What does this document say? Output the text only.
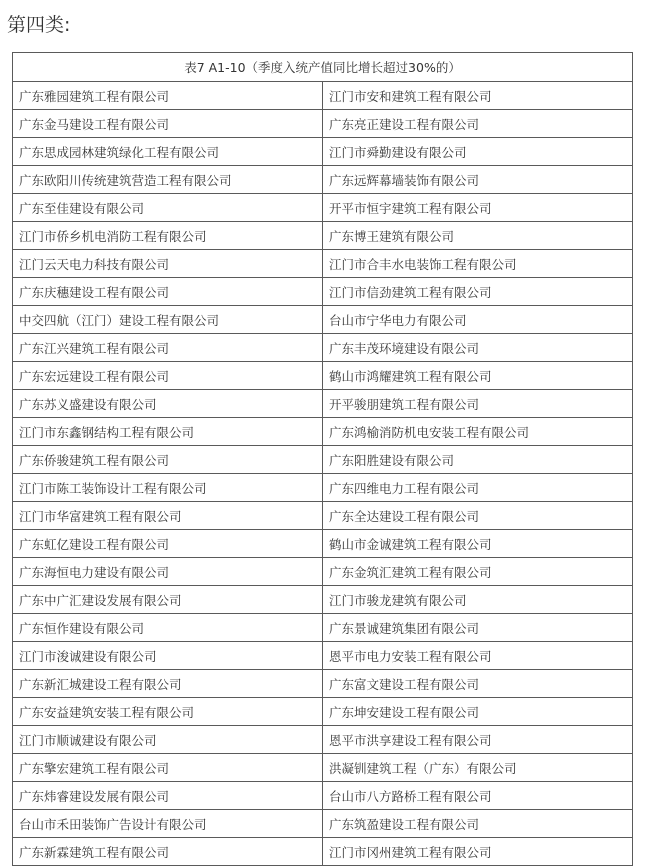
第四类:
表7 A1-10（季度入统产值同比增长超过30%的）	
广东雅园建筑工程有限公司	江门市安和建筑工程有限公司
广东金马建设工程有限公司	广东亮正建设工程有限公司
广东思成园林建筑绿化工程有限公司	江门市舜勤建设有限公司
广东欧阳川传统建筑营造工程有限公司	广东远辉幕墙装饰有限公司
广东至佳建设有限公司	开平市恒宇建筑工程有限公司
江门市侨乡机电消防工程有限公司	广东博王建筑有限公司
江门云天电力科技有限公司	江门市合丰水电装饰工程有限公司
广东庆穗建设工程有限公司	江门市信劲建筑工程有限公司
中交四航（江门）建设工程有限公司	台山市宁华电力有限公司
广东江兴建筑工程有限公司	广东丰茂环境建设有限公司
广东宏远建设工程有限公司	鹤山市鸿耀建筑工程有限公司
广东苏义盛建设有限公司	开平骏朋建筑工程有限公司
江门市东鑫钢结构工程有限公司	广东鸿榆消防机电安装工程有限公司
广东侨骏建筑工程有限公司	广东阳胜建设有限公司
江门市陈工装饰设计工程有限公司	广东四维电力工程有限公司
江门市华富建筑工程有限公司	广东全达建设工程有限公司
广东虹亿建设工程有限公司	鹤山市金诚建筑工程有限公司
广东海恒电力建设有限公司	广东金筑汇建筑工程有限公司
广东中广汇建设发展有限公司	江门市骏龙建筑有限公司
广东恒作建设有限公司	广东景诚建筑集团有限公司
江门市浚诚建设有限公司	恩平市电力安装工程有限公司
广东新汇城建设工程有限公司	广东富文建设工程有限公司
广东安益建筑安装工程有限公司	广东坤安建设工程有限公司
江门市顺诚建设有限公司	恩平市洪享建设工程有限公司
广东擎宏建筑工程有限公司	洪凝钏建筑工程（广东）有限公司
广东炜睿建设发展有限公司	台山市八方路桥工程有限公司
台山市禾田装饰广告设计有限公司	广东筑盈建设工程有限公司
广东新霖建筑工程有限公司	江门市冈州建筑工程有限公司
